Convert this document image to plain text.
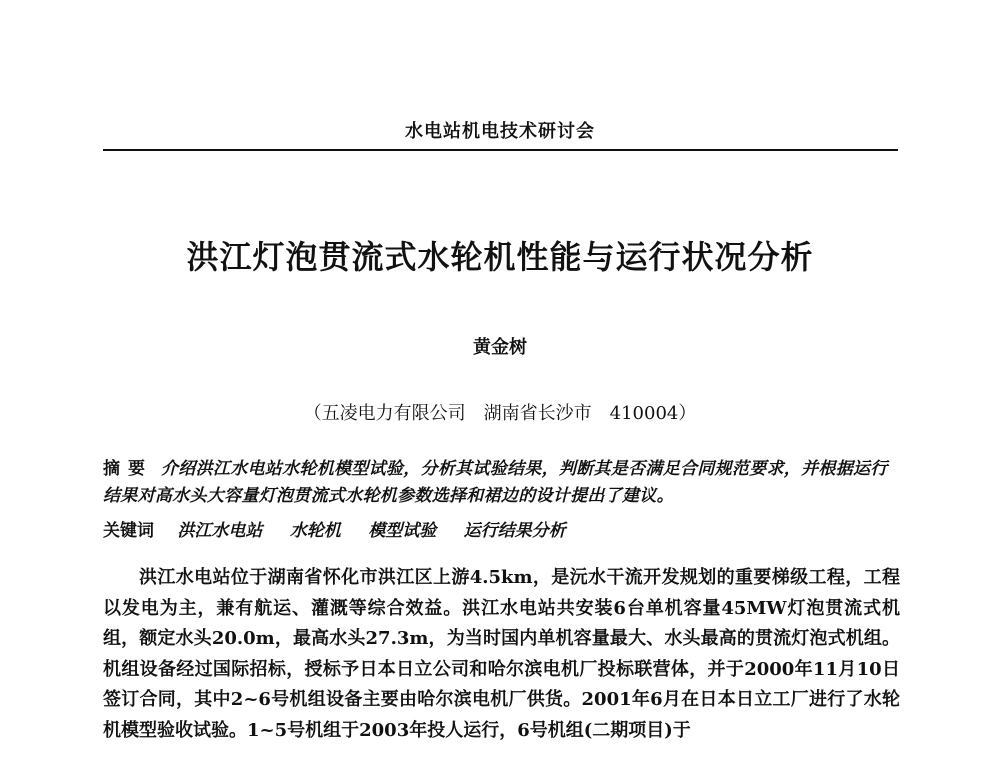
水电站机电技术研讨会
洪江灯泡贯流式水轮机性能与运行状况分析
黄金树
（五凌电力有限公司　湖南省长沙市　410004）
摘要 介绍洪江水电站水轮机模型试验，分析其试验结果，判断其是否满足合同规范要求，并根据运行结果对高水头大容量灯泡贯流式水轮机参数选择和裙边的设计提出了建议。
关键词 洪江水电站 水轮机 模型试验 运行结果分析
洪江水电站位于湖南省怀化市洪江区上游4.5km，是沅水干流开发规划的重要梯级工程，工程以发电为主，兼有航运、灌溉等综合效益。洪江水电站共安装6台单机容量45MW灯泡贯流式机组，额定水头20.0m，最高水头27.3m，为当时国内单机容量最大、水头最高的贯流灯泡式机组。机组设备经过国际招标，授标予日本日立公司和哈尔滨电机厂投标联营体，并于2000年11月10日签订合同，其中2~6号机组设备主要由哈尔滨电机厂供货。2001年6月在日本日立工厂进行了水轮机模型验收试验。1~5号机组于2003年投人运行，6号机组(二期项目)于
